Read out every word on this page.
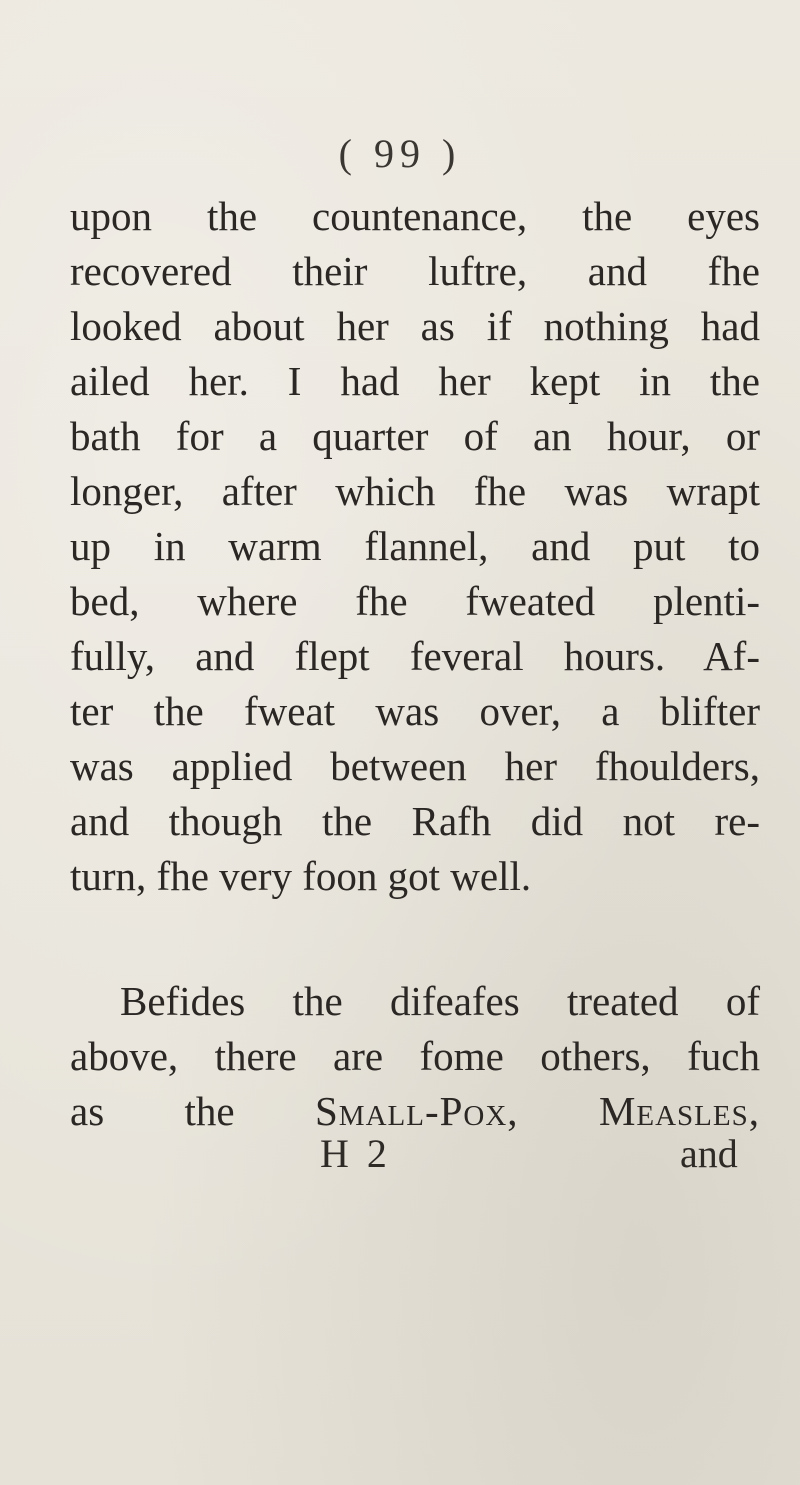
( 99 )
upon the countenance, the eyes
recovered their luftre, and fhe
looked about her as if nothing had
ailed her. I had her kept in the
bath for a quarter of an hour, or
longer, after which fhe was wrapt
up in warm flannel, and put to
bed, where fhe fweated plenti-
fully, and flept feveral hours. Af-
ter the fweat was over, a blifter
was applied between her fhoulders,
and though the Rafh did not re-
turn, fhe very foon got well.
Befides the difeafes treated of
above, there are fome others, fuch
as the Small-Pox, Measles,
H 2	and
